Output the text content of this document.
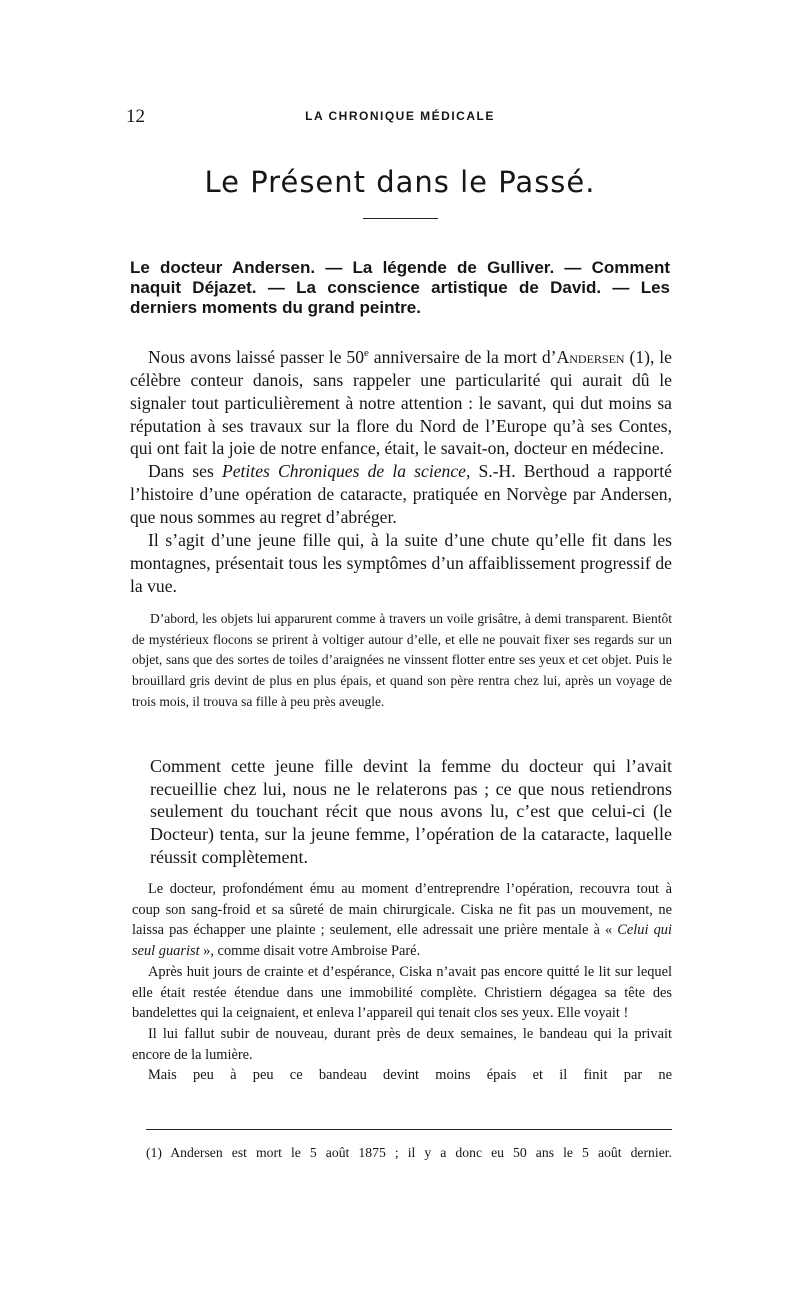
12	LA CHRONIQUE MÉDICALE
Le Présent dans le Passé.

Le docteur Andersen. — La légende de Gulliver. — Comment naquit Déjazet. — La conscience artistique de David. — Les derniers moments du grand peintre.

Nous avons laissé passer le 50e anniversaire de la mort d’Andersen (1), le célèbre conteur danois, sans rappeler une particularité qui aurait dû le signaler tout particulièrement à notre attention : le savant, qui dut moins sa réputation à ses travaux sur la flore du Nord de l’Europe qu’à ses Contes, qui ont fait la joie de notre enfance, était, le savait-on, docteur en médecine.

Dans ses Petites Chroniques de la science, S.-H. Berthoud a rapporté l’histoire d’une opération de cataracte, pratiquée en Norvège par Andersen, que nous sommes au regret d’abréger.

Il s’agit d’une jeune fille qui, à la suite d’une chute qu’elle fit dans les montagnes, présentait tous les symptômes d’un affaiblissement progressif de la vue.

D’abord, les objets lui apparurent comme à travers un voile grisâtre, à demi transparent. Bientôt de mystérieux flocons se prirent à voltiger autour d’elle, et elle ne pouvait fixer ses regards sur un objet, sans que des sortes de toiles d’araignées ne vinssent flotter entre ses yeux et cet objet. Puis le brouillard gris devint de plus en plus épais, et quand son père rentra chez lui, après un voyage de trois mois, il trouva sa fille à peu près aveugle.

Comment cette jeune fille devint la femme du docteur qui l’avait recueillie chez lui, nous ne le relaterons pas ; ce que nous retiendrons seulement du touchant récit que nous avons lu, c’est que celui-ci (le Docteur) tenta, sur la jeune femme, l’opération de la cataracte, laquelle réussit complètement.

Le docteur, profondément ému au moment d’entreprendre l’opération, recouvra tout à coup son sang-froid et sa sûreté de main chirurgicale. Ciska ne fit pas un mouvement, ne laissa pas échapper une plainte ; seulement, elle adressait une prière mentale à « Celui qui seul guarist », comme disait votre Ambroise Paré.

Après huit jours de crainte et d’espérance, Ciska n’avait pas encore quitté le lit sur lequel elle était restée étendue dans une immobilité complète. Christiern dégagea sa tête des bandelettes qui la ceignaient, et enleva l’appareil qui tenait clos ses yeux. Elle voyait !

Il lui fallut subir de nouveau, durant près de deux semaines, le bandeau qui la privait encore de la lumière.

Mais peu à peu ce bandeau devint moins épais et il finit par ne

(1) Andersen est mort le 5 août 1875 ; il y a donc eu 50 ans le 5 août dernier.
